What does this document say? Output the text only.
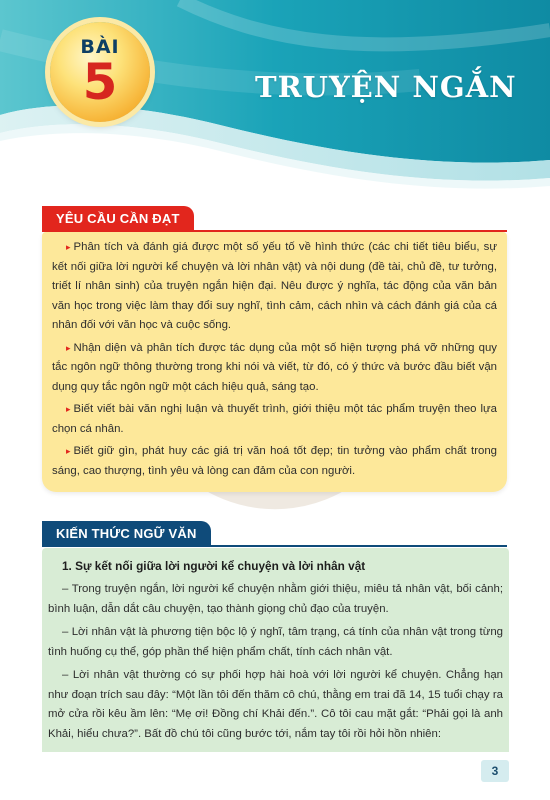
BÀI
5	TRUYỆN NGẮN
YÊU CẦU CẦN ĐẠT

▸ Phân tích và đánh giá được một số yếu tố về hình thức (các chi tiết tiêu biểu, sự kết nối giữa lời người kể chuyện và lời nhân vật) và nội dung (đề tài, chủ đề, tư tưởng, triết lí nhân sinh) của truyện ngắn hiện đại. Nêu được ý nghĩa, tác động của văn bản văn học trong việc làm thay đổi suy nghĩ, tình cảm, cách nhìn và cách đánh giá của cá nhân đối với văn học và cuộc sống.

▸ Nhận diện và phân tích được tác dụng của một số hiện tượng phá vỡ những quy tắc ngôn ngữ thông thường trong khi nói và viết, từ đó, có ý thức và bước đầu biết vận dụng quy tắc ngôn ngữ một cách hiệu quả, sáng tạo.

▸ Biết viết bài văn nghị luận và thuyết trình, giới thiệu một tác phẩm truyện theo lựa chọn cá nhân.

▸ Biết giữ gìn, phát huy các giá trị văn hoá tốt đẹp; tin tưởng vào phẩm chất trong sáng, cao thượng, tình yêu và lòng can đảm của con người.

KIẾN THỨC NGỮ VĂN
1. Sự kết nối giữa lời người kể chuyện và lời nhân vật

– Trong truyện ngắn, lời người kể chuyện nhằm giới thiệu, miêu tả nhân vật, bối cảnh; bình luận, dẫn dắt câu chuyện, tạo thành giọng chủ đạo của truyện.

– Lời nhân vật là phương tiện bộc lộ ý nghĩ, tâm trạng, cá tính của nhân vật trong từng tình huống cụ thể, góp phần thể hiện phẩm chất, tính cách nhân vật.

– Lời nhân vật thường có sự phối hợp hài hoà với lời người kể chuyện. Chẳng hạn như đoạn trích sau đây: “Một lần tôi đến thăm cô chú, thằng em trai đã 14, 15 tuổi chạy ra mở cửa rồi kêu ầm lên: “Mẹ ơi! Đồng chí Khải đến.”. Cô tôi cau mặt gắt: “Phải gọi là anh Khải, hiểu chưa?”. Bất đồ chú tôi cũng bước tới, nắm tay tôi rồi hỏi hồn nhiên:

3
